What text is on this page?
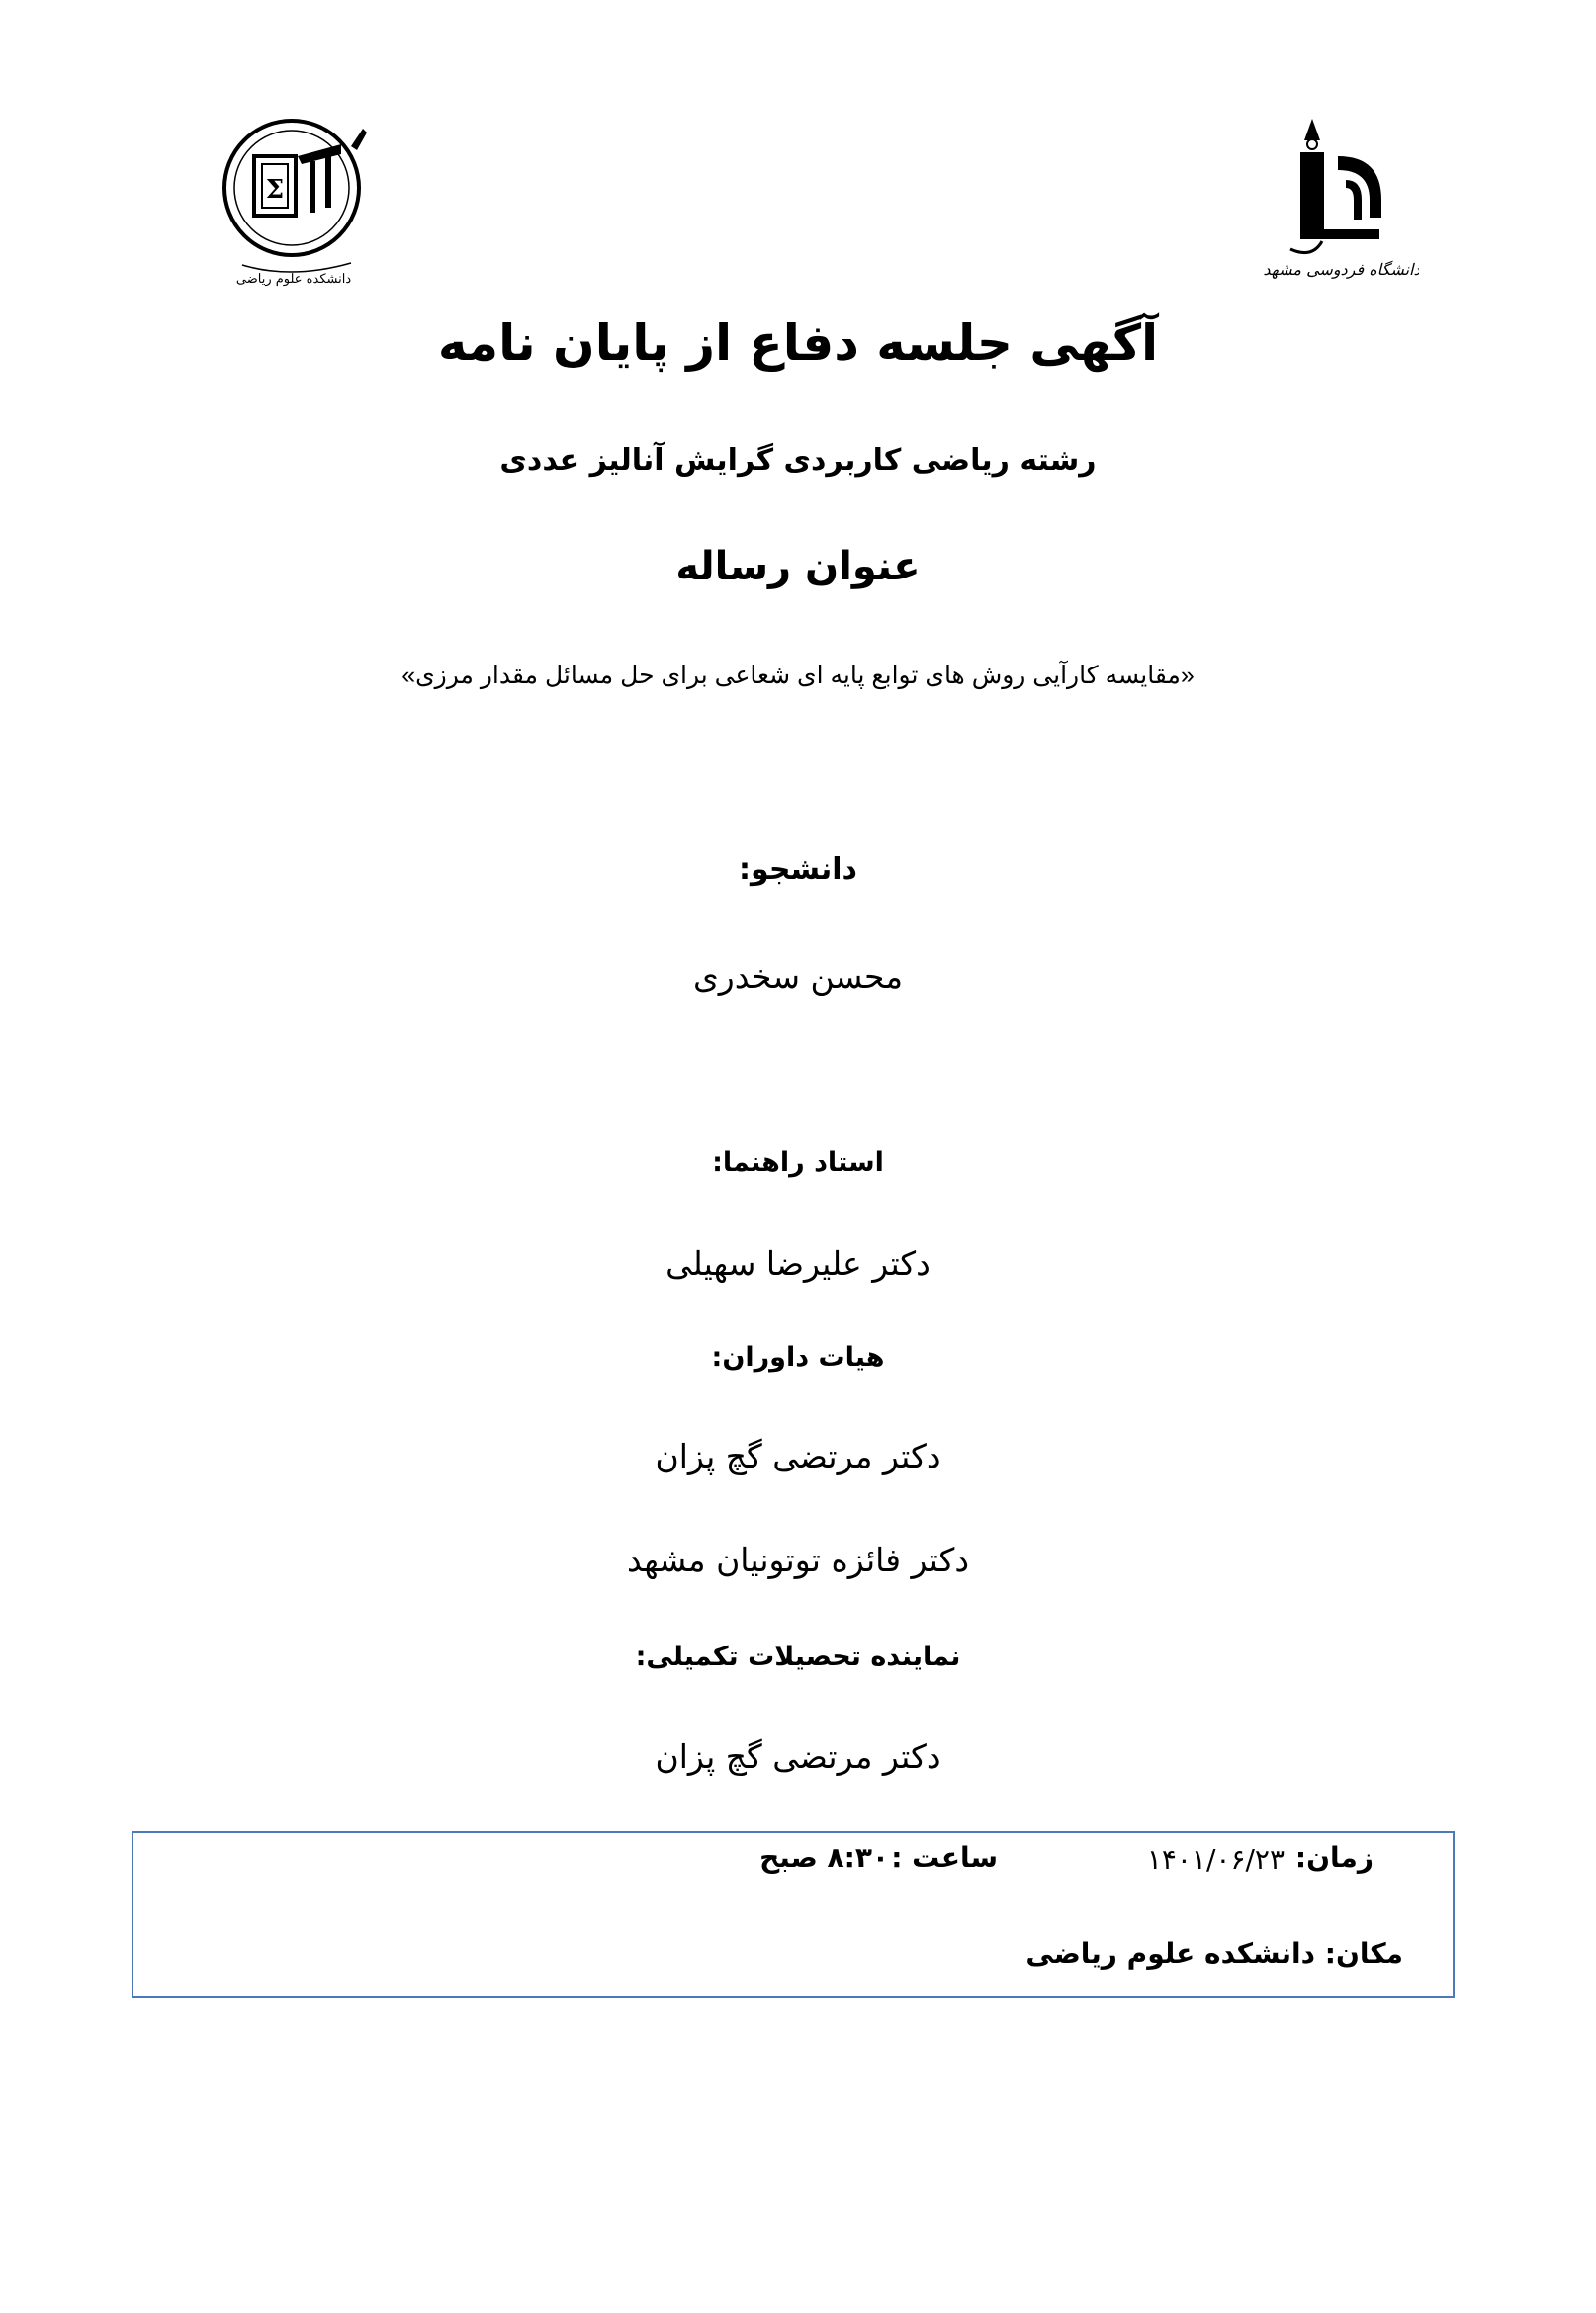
Σ
دانشکده علوم ریاضی
دانشگاه فردوسی مشهد
آگهی جلسه دفاع از پایان نامه
رشته ریاضی کاربردی گرایش آنالیز عددی
عنوان رساله
«مقایسه کارآیی روش های توابع پایه ای شعاعی برای حل مسائل مقدار مرزی»
دانشجو:
محسن سخدری
استاد راهنما:
دکتر علیرضا سهیلی
هیات داوران:
دکتر مرتضی گچ پزان
دکتر فائزه توتونیان مشهد
نماینده تحصیلات تکمیلی:
دکتر مرتضی گچ پزان
زمان:
۱۴۰۱/۰۶/۲۳
ساعت :
۸:۳۰ صبح
مکان: دانشکده علوم ریاضی
